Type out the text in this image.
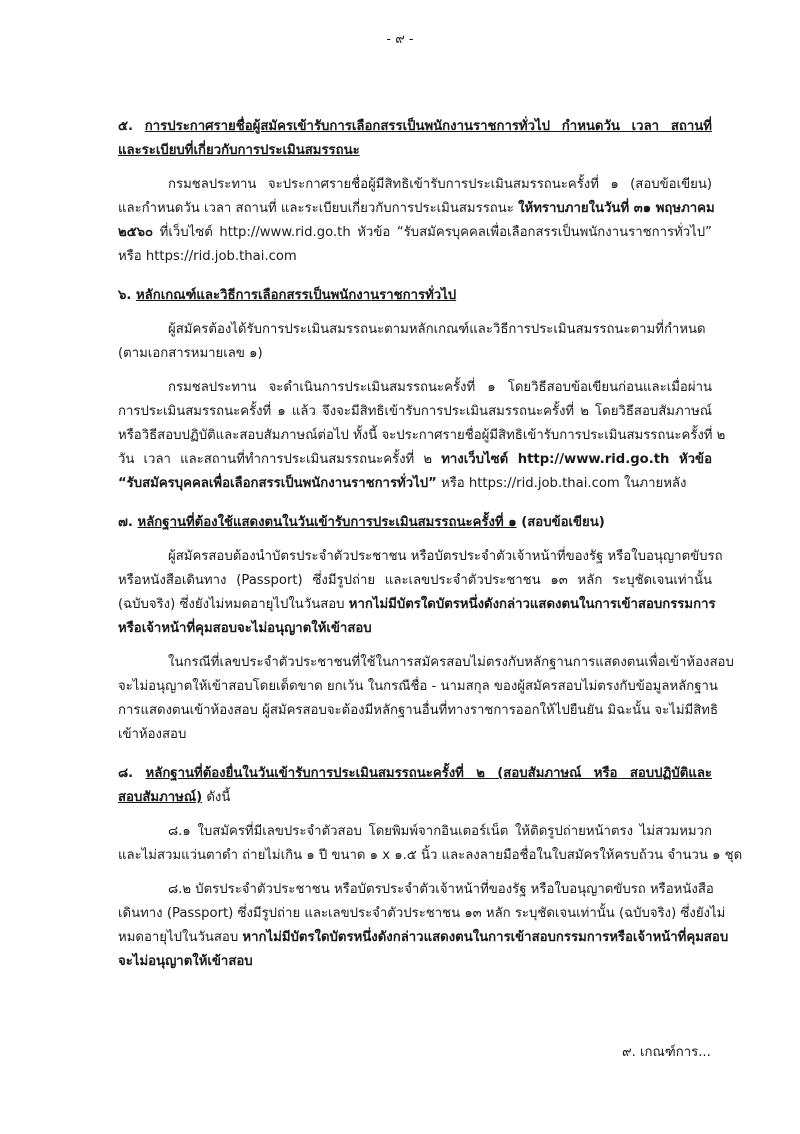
- ๙ -
๕. การประกาศรายชื่อผู้สมัครเข้ารับการเลือกสรรเป็นพนักงานราชการทั่วไป กำหนดวัน เวลา สถานที่
และระเบียบที่เกี่ยวกับการประเมินสมรรถนะ
กรมชลประทาน จะประกาศรายชื่อผู้มีสิทธิเข้ารับการประเมินสมรรถนะครั้งที่ ๑ (สอบข้อเขียน)
และกำหนดวัน เวลา สถานที่ และระเบียบเกี่ยวกับการประเมินสมรรถนะ ให้ทราบภายในวันที่ ๓๑ พฤษภาคม
๒๕๖๐ ที่เว็บไซต์ http://www.rid.go.th หัวข้อ “รับสมัครบุคคลเพื่อเลือกสรรเป็นพนักงานราชการทั่วไป”
หรือ https://rid.job.thai.com
๖. หลักเกณฑ์และวิธีการเลือกสรรเป็นพนักงานราชการทั่วไป
ผู้สมัครต้องได้รับการประเมินสมรรถนะตามหลักเกณฑ์และวิธีการประเมินสมรรถนะตามที่กำหนด
(ตามเอกสารหมายเลข ๑)
กรมชลประทาน จะดำเนินการประเมินสมรรถนะครั้งที่ ๑ โดยวิธีสอบข้อเขียนก่อนและเมื่อผ่าน
การประเมินสมรรถนะครั้งที่ ๑ แล้ว จึงจะมีสิทธิเข้ารับการประเมินสมรรถนะครั้งที่ ๒ โดยวิธีสอบสัมภาษณ์
หรือวิธีสอบปฏิบัติและสอบสัมภาษณ์ต่อไป ทั้งนี้ จะประกาศรายชื่อผู้มีสิทธิเข้ารับการประเมินสมรรถนะครั้งที่ ๒
วัน เวลา และสถานที่ทำการประเมินสมรรถนะครั้งที่ ๒ ทางเว็บไซต์ http://www.rid.go.th หัวข้อ
“รับสมัครบุคคลเพื่อเลือกสรรเป็นพนักงานราชการทั่วไป” หรือ https://rid.job.thai.com ในภายหลัง
๗. หลักฐานที่ต้องใช้แสดงตนในวันเข้ารับการประเมินสมรรถนะครั้งที่ ๑ (สอบข้อเขียน)
ผู้สมัครสอบต้องนำบัตรประจำตัวประชาชน หรือบัตรประจำตัวเจ้าหน้าที่ของรัฐ หรือใบอนุญาตขับรถ
หรือหนังสือเดินทาง (Passport) ซึ่งมีรูปถ่าย และเลขประจำตัวประชาชน ๑๓ หลัก ระบุชัดเจนเท่านั้น
(ฉบับจริง) ซึ่งยังไม่หมดอายุไปในวันสอบ หากไม่มีบัตรใดบัตรหนึ่งดังกล่าวแสดงตนในการเข้าสอบกรรมการ
หรือเจ้าหน้าที่คุมสอบจะไม่อนุญาตให้เข้าสอบ
ในกรณีที่เลขประจำตัวประชาชนที่ใช้ในการสมัครสอบไม่ตรงกับหลักฐานการแสดงตนเพื่อเข้าห้องสอบ
จะไม่อนุญาตให้เข้าสอบโดยเด็ดขาด ยกเว้น ในกรณีชื่อ - นามสกุล ของผู้สมัครสอบไม่ตรงกับข้อมูลหลักฐาน
การแสดงตนเข้าห้องสอบ ผู้สมัครสอบจะต้องมีหลักฐานอื่นที่ทางราชการออกให้ไปยืนยัน มิฉะนั้น จะไม่มีสิทธิ
เข้าห้องสอบ
๘. หลักฐานที่ต้องยื่นในวันเข้ารับการประเมินสมรรถนะครั้งที่ ๒ (สอบสัมภาษณ์ หรือ สอบปฏิบัติและ
สอบสัมภาษณ์) ดังนี้
๘.๑ ใบสมัครที่มีเลขประจำตัวสอบ โดยพิมพ์จากอินเตอร์เน็ต ให้ติดรูปถ่ายหน้าตรง ไม่สวมหมวก
และไม่สวมแว่นตาดำ ถ่ายไม่เกิน ๑ ปี ขนาด ๑ x ๑.๕ นิ้ว และลงลายมือชื่อในใบสมัครให้ครบถ้วน จำนวน ๑ ชุด
๘.๒ บัตรประจำตัวประชาชน หรือบัตรประจำตัวเจ้าหน้าที่ของรัฐ หรือใบอนุญาตขับรถ หรือหนังสือ
เดินทาง (Passport) ซึ่งมีรูปถ่าย และเลขประจำตัวประชาชน ๑๓ หลัก ระบุชัดเจนเท่านั้น (ฉบับจริง) ซึ่งยังไม่
หมดอายุไปในวันสอบ หากไม่มีบัตรใดบัตรหนึ่งดังกล่าวแสดงตนในการเข้าสอบกรรมการหรือเจ้าหน้าที่คุมสอบ
จะไม่อนุญาตให้เข้าสอบ
๙. เกณฑ์การ...
